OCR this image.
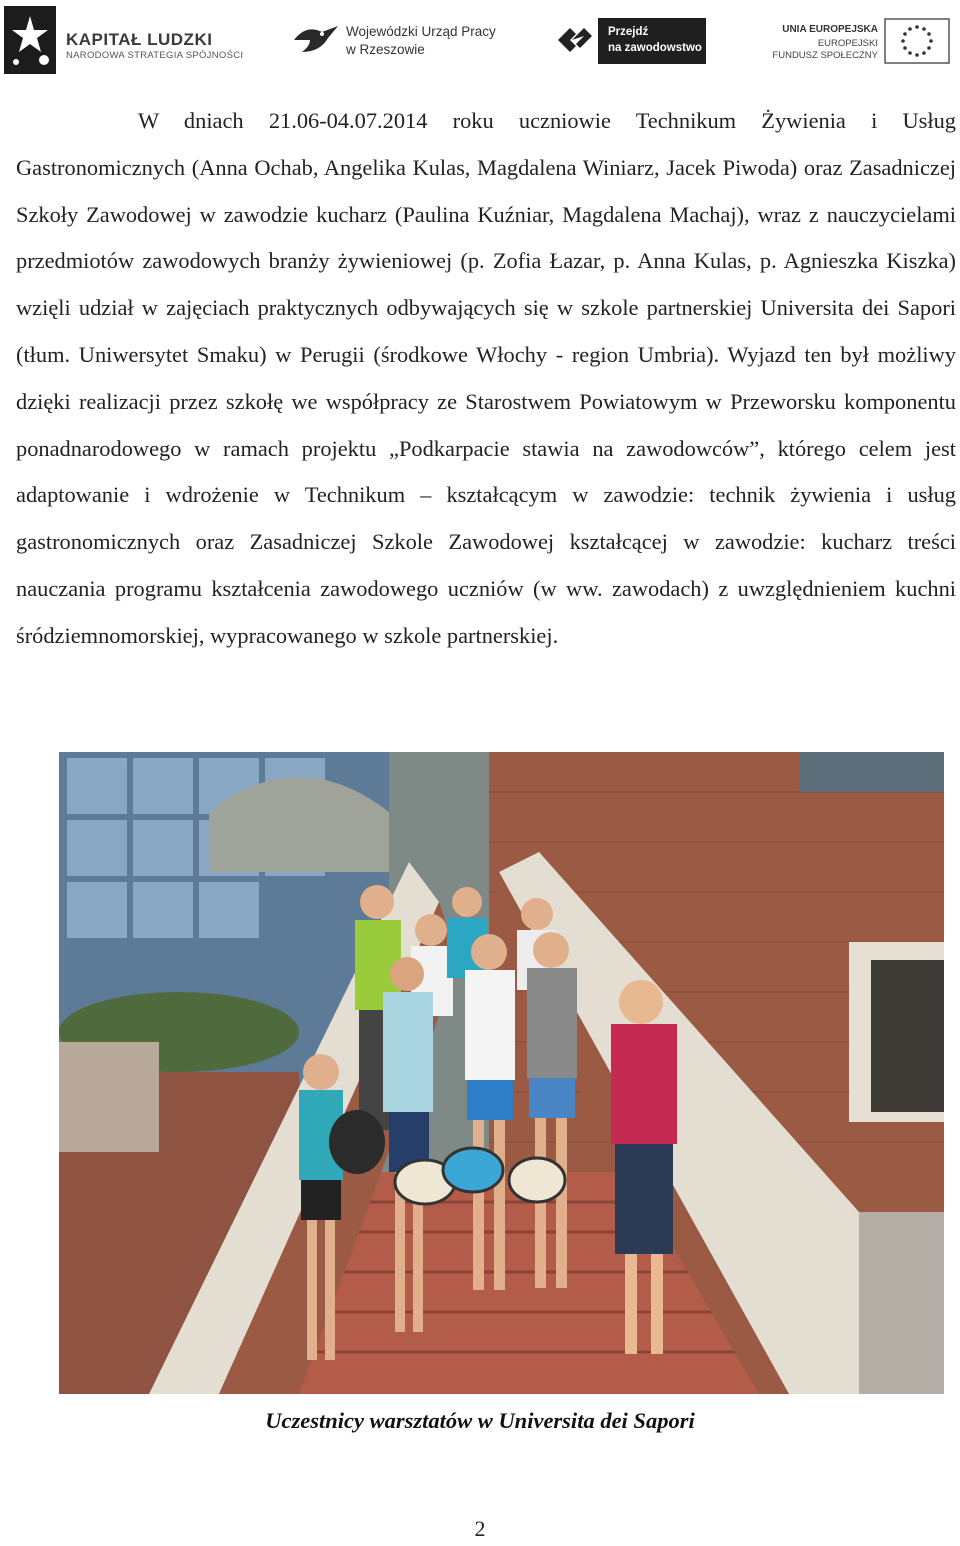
KAPITAŁ LUDZKI
NARODOWA STRATEGIA SPÓJNOŚCI
Wojewódzki Urząd Pracy
w Rzeszowie
Przejdź
na zawodowstwo
UNIA EUROPEJSKA
EUROPEJSKI
FUNDUSZ SPOŁECZNY

W dniach 21.06-04.07.2014 roku uczniowie Technikum Żywienia i Usług Gastronomicznych (Anna Ochab, Angelika Kulas, Magdalena Winiarz, Jacek Piwoda) oraz Zasadniczej Szkoły Zawodowej w zawodzie kucharz (Paulina Kuźniar, Magdalena Machaj), wraz z nauczycielami przedmiotów zawodowych branży żywieniowej (p. Zofia Łazar, p. Anna Kulas, p. Agnieszka Kiszka) wzięli udział w zajęciach praktycznych odbywających się w szkole partnerskiej Universita dei Sapori (tłum. Uniwersytet Smaku) w Perugii (środkowe Włochy - region Umbria). Wyjazd ten był możliwy dzięki realizacji przez szkołę we współpracy ze Starostwem Powiatowym w Przeworsku komponentu ponadnarodowego w ramach projektu „Podkarpacie stawia na zawodowców”, którego celem jest adaptowanie i wdrożenie w Technikum – kształcącym w zawodzie: technik żywienia i usług gastronomicznych oraz Zasadniczej Szkole Zawodowej kształcącej w zawodzie: kucharz treści nauczania programu kształcenia zawodowego uczniów (w ww. zawodach) z uwzględnieniem kuchni śródziemnomorskiej, wypracowanego w szkole partnerskiej.

Uczestnicy warsztatów w Universita dei Sapori
2
